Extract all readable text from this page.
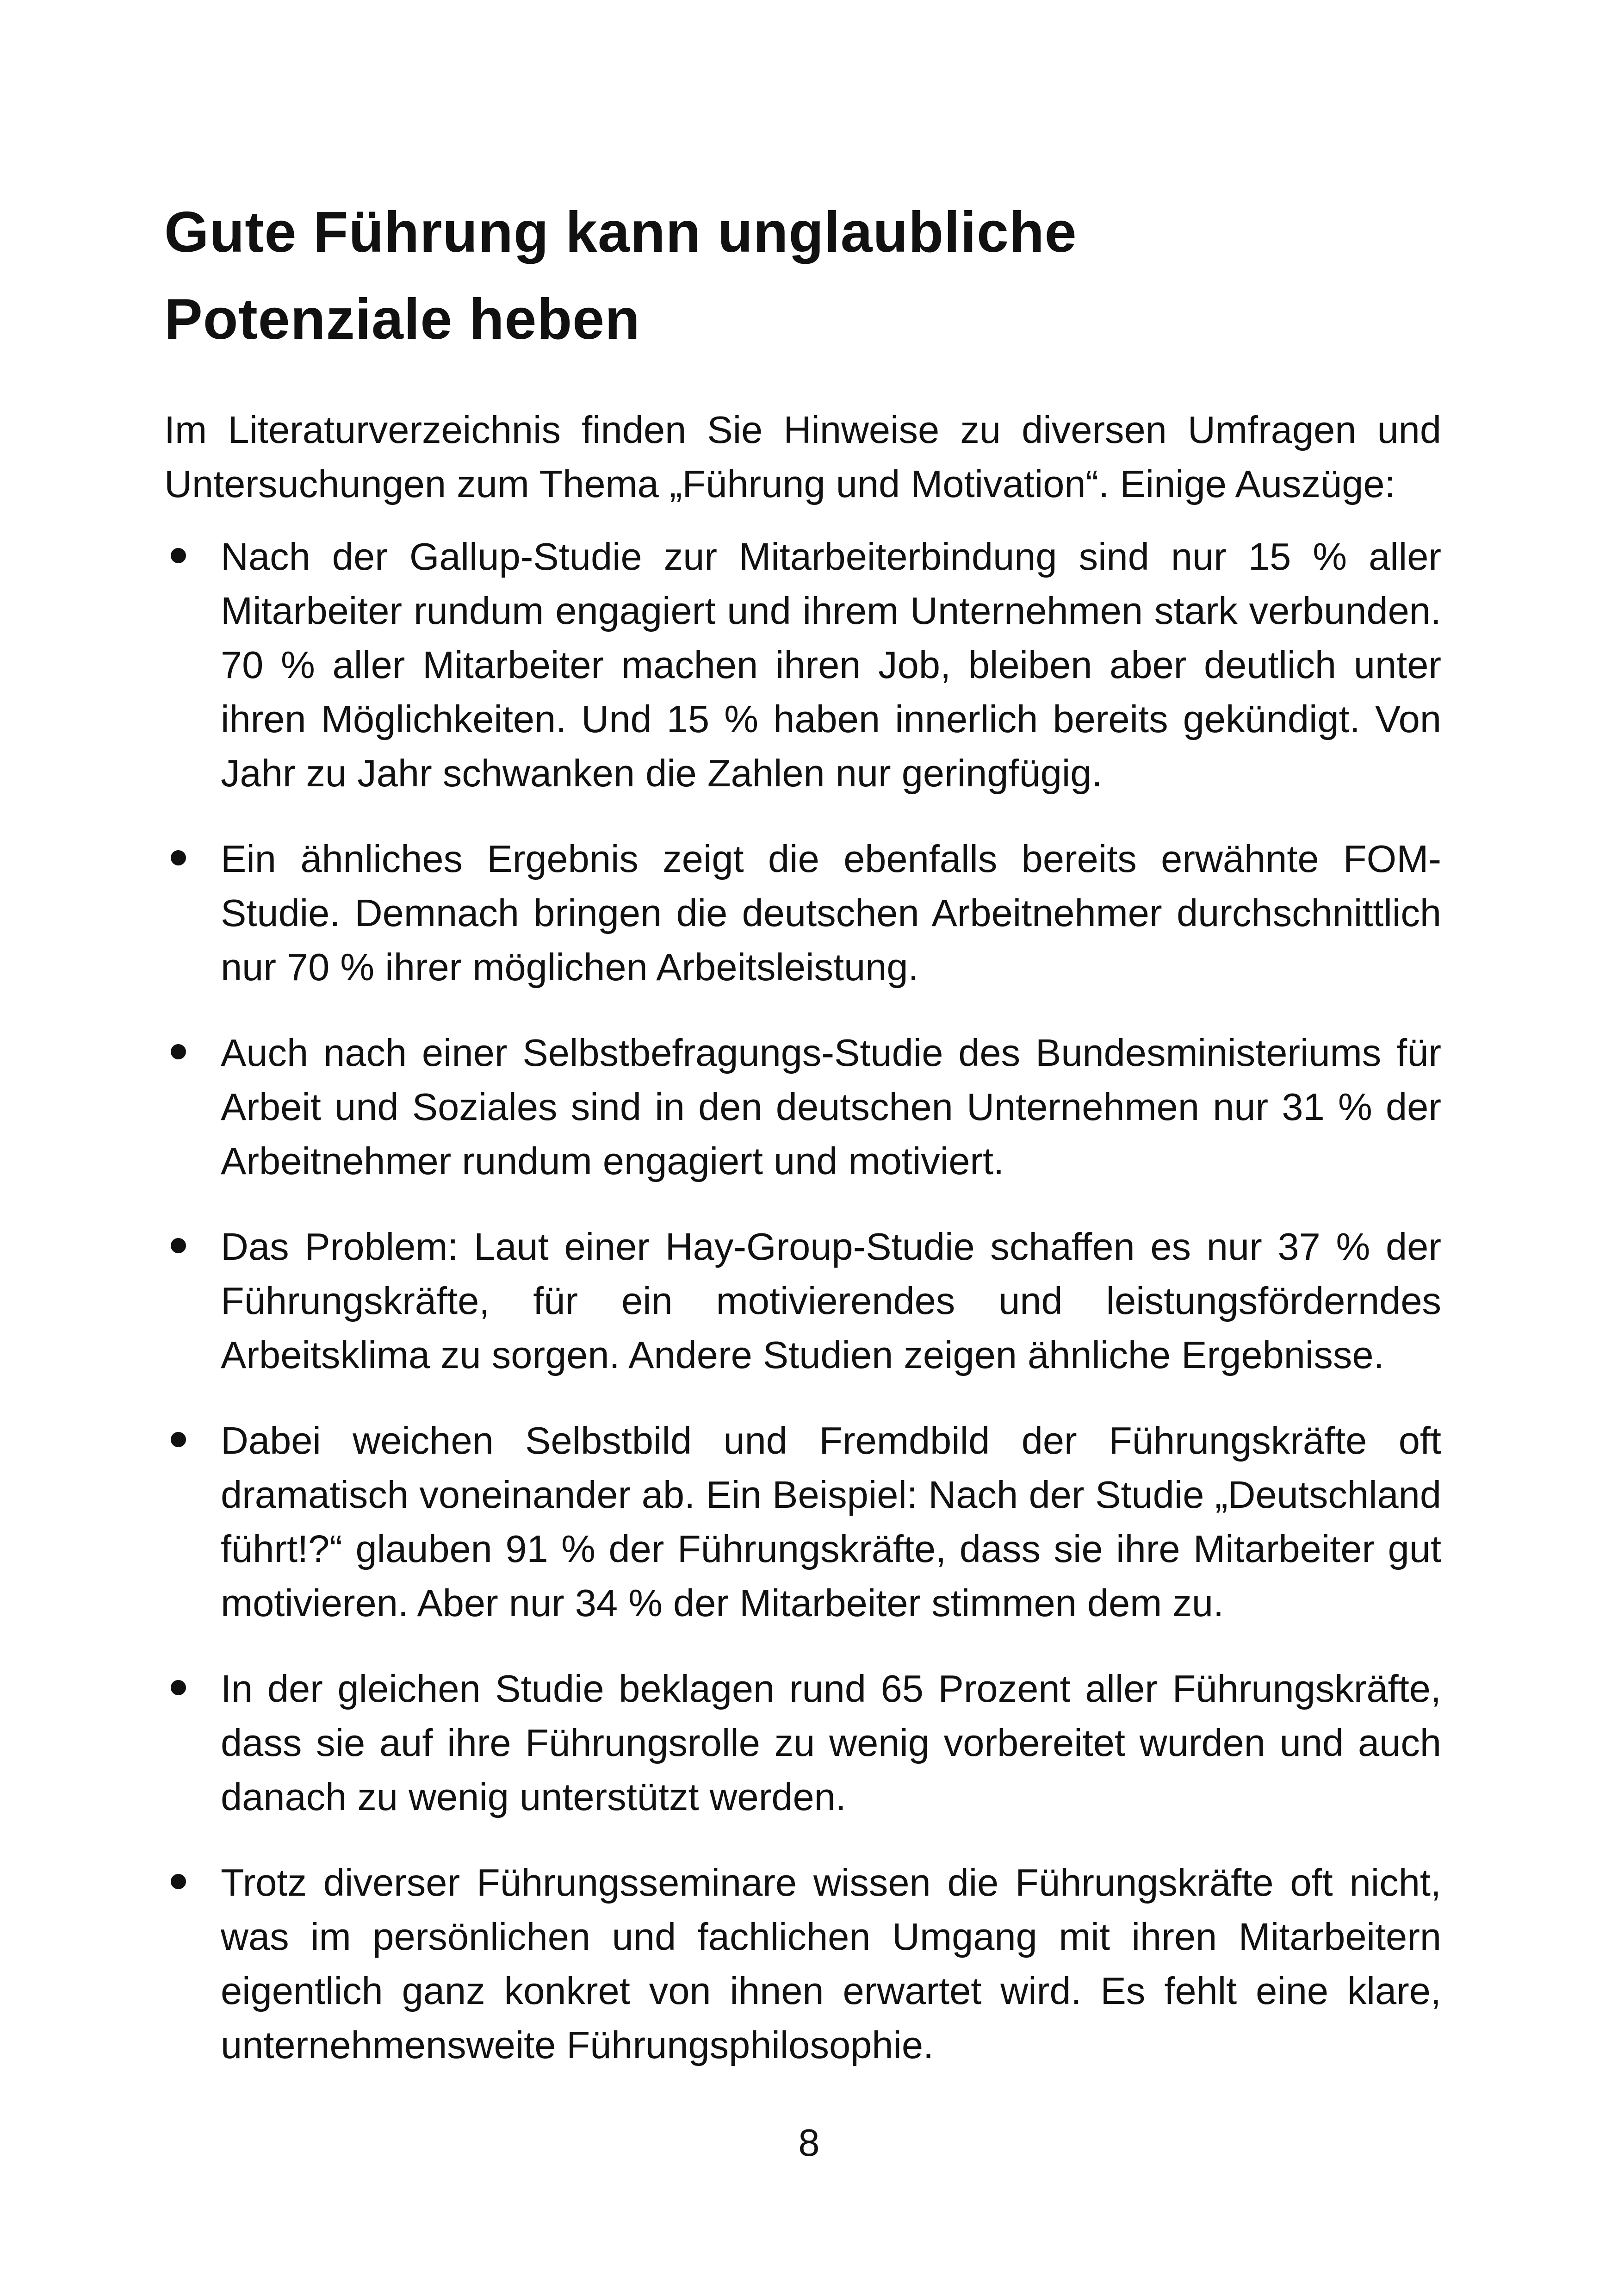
Gute Führung kann unglaubliche
Potenziale heben

Im Literaturverzeichnis finden Sie Hinweise zu diversen Umfragen und Untersuchungen zum Thema „Führung und Motivation“. Einige Auszüge:

Nach der Gallup-Studie zur Mitarbeiterbindung sind nur 15 % aller Mitarbeiter rundum engagiert und ihrem Unternehmen stark verbunden. 70 % aller Mitarbeiter machen ihren Job, bleiben aber deutlich unter ihren Möglichkeiten. Und 15 % haben innerlich bereits gekündigt. Von Jahr zu Jahr schwanken die Zahlen nur geringfügig.
Ein ähnliches Ergebnis zeigt die ebenfalls bereits erwähnte FOM-Studie. Demnach bringen die deutschen Arbeitnehmer durchschnittlich nur 70 % ihrer möglichen Arbeitsleistung.
Auch nach einer Selbstbefragungs-Studie des Bundesministeriums für Arbeit und Soziales sind in den deutschen Unternehmen nur 31 % der Arbeitnehmer rundum engagiert und motiviert.
Das Problem: Laut einer Hay-Group-Studie schaffen es nur 37 % der Führungskräfte, für ein motivierendes und leistungsförderndes Arbeitsklima zu sorgen. Andere Studien zeigen ähnliche Ergebnisse.
Dabei weichen Selbstbild und Fremdbild der Führungskräfte oft dramatisch voneinander ab. Ein Beispiel: Nach der Studie „Deutschland führt!?“ glauben 91 % der Führungskräfte, dass sie ihre Mitarbeiter gut motivieren. Aber nur 34 % der Mitarbeiter stimmen dem zu.
In der gleichen Studie beklagen rund 65 Prozent aller Führungskräfte, dass sie auf ihre Führungsrolle zu wenig vorbereitet wurden und auch danach zu wenig unterstützt werden.
Trotz diverser Führungsseminare wissen die Führungskräfte oft nicht, was im persönlichen und fachlichen Umgang mit ihren Mitarbeitern eigentlich ganz konkret von ihnen erwartet wird. Es fehlt eine klare, unternehmensweite Führungsphilosophie.
8
